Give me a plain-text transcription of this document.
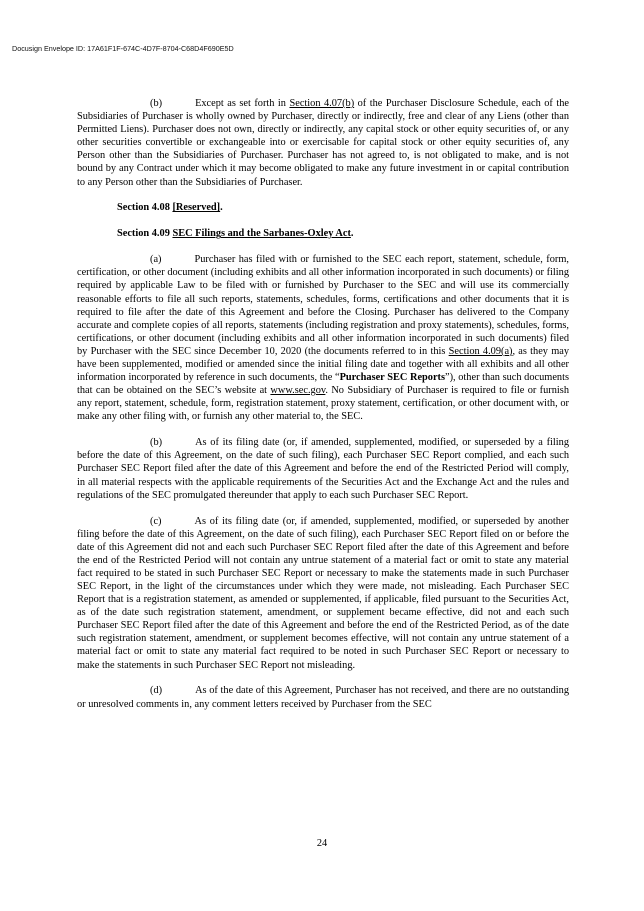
Docusign Envelope ID: 17A61F1F-674C-4D7F-8704-C68D4F690E5D

(b)	Except as set forth in Section 4.07(b) of the Purchaser Disclosure Schedule, each of the Subsidiaries of Purchaser is wholly owned by Purchaser, directly or indirectly, free and clear of any Liens (other than Permitted Liens). Purchaser does not own, directly or indirectly, any capital stock or other equity securities of, or any other securities convertible or exchangeable into or exercisable for capital stock or other equity securities of, any Person other than the Subsidiaries of Purchaser. Purchaser has not agreed to, is not obligated to make, and is not bound by any Contract under which it may become obligated to make any future investment in or capital contribution to any Person other than the Subsidiaries of Purchaser.

Section 4.08 [Reserved].

Section 4.09 SEC Filings and the Sarbanes-Oxley Act.

(a)	Purchaser has filed with or furnished to the SEC each report, statement, schedule, form, certification, or other document (including exhibits and all other information incorporated in such documents) or filing required by applicable Law to be filed with or furnished by Purchaser to the SEC and will use its commercially reasonable efforts to file all such reports, statements, schedules, forms, certifications and other documents that it is required to file after the date of this Agreement and before the Closing. Purchaser has delivered to the Company accurate and complete copies of all reports, statements (including registration and proxy statements), schedules, forms, certifications, or other document (including exhibits and all other information incorporated in such documents) filed by Purchaser with the SEC since December 10, 2020 (the documents referred to in this Section 4.09(a), as they may have been supplemented, modified or amended since the initial filing date and together with all exhibits and all other information incorporated by reference in such documents, the “Purchaser SEC Reports”), other than such documents that can be obtained on the SEC’s website at www.sec.gov. No Subsidiary of Purchaser is required to file or furnish any report, statement, schedule, form, registration statement, proxy statement, certification, or other document with, or make any other filing with, or furnish any other material to, the SEC.

(b)	As of its filing date (or, if amended, supplemented, modified, or superseded by a filing before the date of this Agreement, on the date of such filing), each Purchaser SEC Report complied, and each such Purchaser SEC Report filed after the date of this Agreement and before the end of the Restricted Period will comply, in all material respects with the applicable requirements of the Securities Act and the Exchange Act and the rules and regulations of the SEC promulgated thereunder that apply to each such Purchaser SEC Report.

(c)	As of its filing date (or, if amended, supplemented, modified, or superseded by another filing before the date of this Agreement, on the date of such filing), each Purchaser SEC Report filed on or before the date of this Agreement did not and each such Purchaser SEC Report filed after the date of this Agreement and before the end of the Restricted Period will not contain any untrue statement of a material fact or omit to state any material fact required to be stated in such Purchaser SEC Report or necessary to make the statements made in such Purchaser SEC Report, in the light of the circumstances under which they were made, not misleading. Each Purchaser SEC Report that is a registration statement, as amended or supplemented, if applicable, filed pursuant to the Securities Act, as of the date such registration statement, amendment, or supplement became effective, did not and each such Purchaser SEC Report filed after the date of this Agreement and before the end of the Restricted Period, as of the date such registration statement, amendment, or supplement becomes effective, will not contain any untrue statement of a material fact or omit to state any material fact required to be noted in such Purchaser SEC Report or necessary to make the statements in such Purchaser SEC Report not misleading.

(d)	As of the date of this Agreement, Purchaser has not received, and there are no outstanding or unresolved comments in, any comment letters received by Purchaser from the SEC

24
